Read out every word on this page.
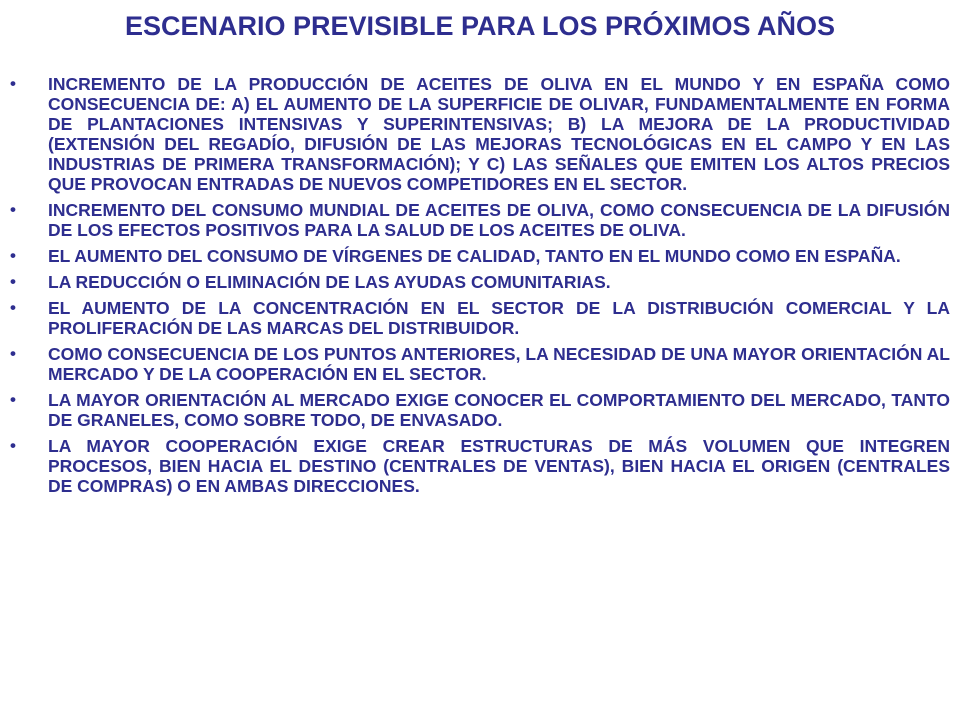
ESCENARIO PREVISIBLE PARA LOS PRÓXIMOS AÑOS
•	INCREMENTO DE LA PRODUCCIÓN DE ACEITES DE OLIVA EN EL MUNDO Y EN ESPAÑA COMO CONSECUENCIA DE: A) EL AUMENTO DE LA SUPERFICIE DE OLIVAR, FUNDAMENTALMENTE EN FORMA DE PLANTACIONES INTENSIVAS Y SUPERINTENSIVAS; B) LA MEJORA DE LA PRODUCTIVIDAD (EXTENSIÓN DEL REGADÍO, DIFUSIÓN DE LAS MEJORAS TECNOLÓGICAS EN EL CAMPO Y EN LAS INDUSTRIAS DE PRIMERA TRANSFORMACIÓN); Y C) LAS SEÑALES QUE EMITEN LOS ALTOS PRECIOS QUE PROVOCAN ENTRADAS DE NUEVOS COMPETIDORES EN EL SECTOR.
•	INCREMENTO DEL CONSUMO MUNDIAL DE ACEITES DE OLIVA, COMO CONSECUENCIA DE LA DIFUSIÓN DE LOS EFECTOS POSITIVOS PARA LA SALUD DE LOS ACEITES DE OLIVA.
•	EL AUMENTO DEL CONSUMO DE VÍRGENES DE CALIDAD, TANTO EN EL MUNDO COMO EN ESPAÑA.
•	LA REDUCCIÓN O ELIMINACIÓN DE LAS AYUDAS COMUNITARIAS.
•	EL AUMENTO DE LA CONCENTRACIÓN EN EL SECTOR DE LA DISTRIBUCIÓN COMERCIAL Y LA PROLIFERACIÓN DE LAS MARCAS DEL DISTRIBUIDOR.
•	COMO CONSECUENCIA DE LOS PUNTOS ANTERIORES, LA NECESIDAD DE UNA MAYOR ORIENTACIÓN AL MERCADO Y DE LA COOPERACIÓN EN EL SECTOR.
•	LA MAYOR ORIENTACIÓN AL MERCADO EXIGE CONOCER EL COMPORTAMIENTO DEL MERCADO, TANTO DE GRANELES, COMO SOBRE TODO, DE ENVASADO.
•	LA MAYOR COOPERACIÓN EXIGE CREAR ESTRUCTURAS DE MÁS VOLUMEN QUE INTEGREN PROCESOS, BIEN HACIA EL DESTINO (CENTRALES DE VENTAS), BIEN HACIA EL ORIGEN (CENTRALES DE COMPRAS) O EN AMBAS DIRECCIONES.
